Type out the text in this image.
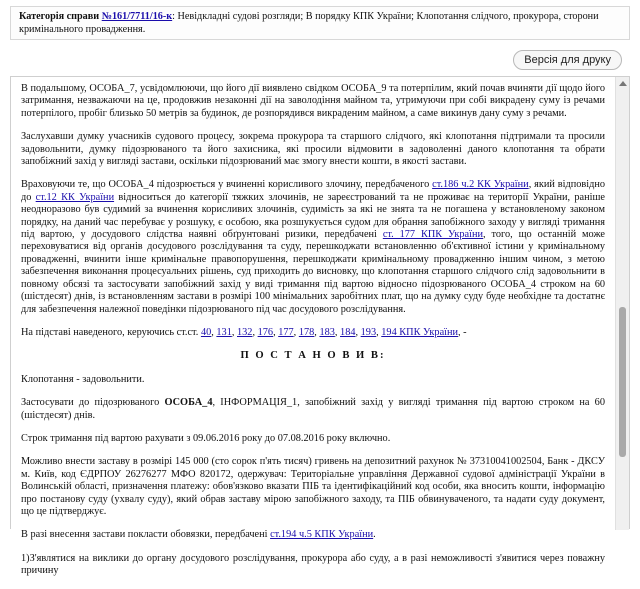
Категорія справи №161/7711/16-к: Невідкладні судові розгляди; В порядку КПК України; Клопотання слідчого, прокурора, сторони кримінального провадження.
Версія для друку

В подальшому, ОСОБА_7, усвідомлюючи, що його дії виявлено свідком ОСОБА_9 та потерпілим, який почав вчиняти дії щодо його затримання, незважаючи на це, продовжив незаконні дії на заволодіння майном та, утримуючи при собі викрадену суму із речами потерпілого, пробіг близько 50 метрів за будинок, де розпорядився викраденим майном, а саме викинув дану суму з речами.

Заслухавши думку учасників судового процесу, зокрема прокурора та старшого слідчого, які клопотання підтримали та просили задовольнити, думку підозрюваного та його захисника, які просили відмовити в задоволенні даного клопотання та обрати запобіжний захід у вигляді застави, оскільки підозрюваний має змогу внести кошти, в якості застави.

Враховуючи те, що ОСОБА_4 підозрюється у вчиненні корисливого злочину, передбаченого ст.186 ч.2 КК України, який відповідно до ст.12 КК України відноситься до категорії тяжких злочинів, не зареєстрований та не проживає на території України, раніше неодноразово був судимий за вчинення корисливих злочинів, судимість за які не знята та не погашена у встановленому законом порядку, на даний час перебуває у розшуку, є особою, яка розшукується судом для обрання запобіжного заходу у вигляді тримання під вартою, у досудового слідства наявні обґрунтовані ризики, передбачені ст. 177 КПК України, того, що останній може переховуватися від органів досудового розслідування та суду, перешкоджати встановленню об'єктивної істини у кримінальному провадженні, вчинити інше кримінальне правопорушення, перешкоджати кримінальному провадженню іншим чином, з метою забезпечення виконання процесуальних рішень, суд приходить до висновку, що клопотання старшого слідчого слід задовольнити в повному обсязі та застосувати запобіжний захід у виді тримання під вартою відносно підозрюваного ОСОБА_4 строком на 60 (шістдесят) днів, із встановленням застави в розмірі 100 мінімальних заробітних плат, що на думку суду буде необхідне та достатнє для забезпечення належної поведінки підозрюваного під час досудового розслідування.

На підставі наведеного, керуючись ст.ст. 40, 131, 132, 176, 177, 178, 183, 184, 193, 194 КПК України, -

П О С Т А Н О В И В:

Клопотання - задовольнити.

Застосувати до підозрюваного ОСОБА_4, ІНФОРМАЦІЯ_1, запобіжний захід у вигляді тримання під вартою строком на 60 (шістдесят) днів.

Строк тримання під вартою рахувати з 09.06.2016 року до 07.08.2016 року включно.

Можливо внести заставу в розмірі 145 000 (сто сорок п'ять тисяч) гривень на депозитний рахунок № 37310041002504, Банк - ДКСУ м. Київ, код ЄДРПОУ 26276277 МФО 820172, одержувач: Територіальне управління Державної судової адміністрації України в Волинській області, призначення платежу: обов'язково вказати ПІБ та ідентифікаційний код особи, яка вносить кошти, інформацію про постанову суду (ухвалу суду), який обрав заставу мірою запобіжного заходу, та ПІБ обвинуваченого, та надати суду документ, що це підтверджує.

В разі внесення застави покласти обовязки, передбачені ст.194 ч.5 КПК України.

1)З'являтися на виклики до органу досудового розслідування, прокурора або суду, а в разі неможливості з'явитися через поважну причину
